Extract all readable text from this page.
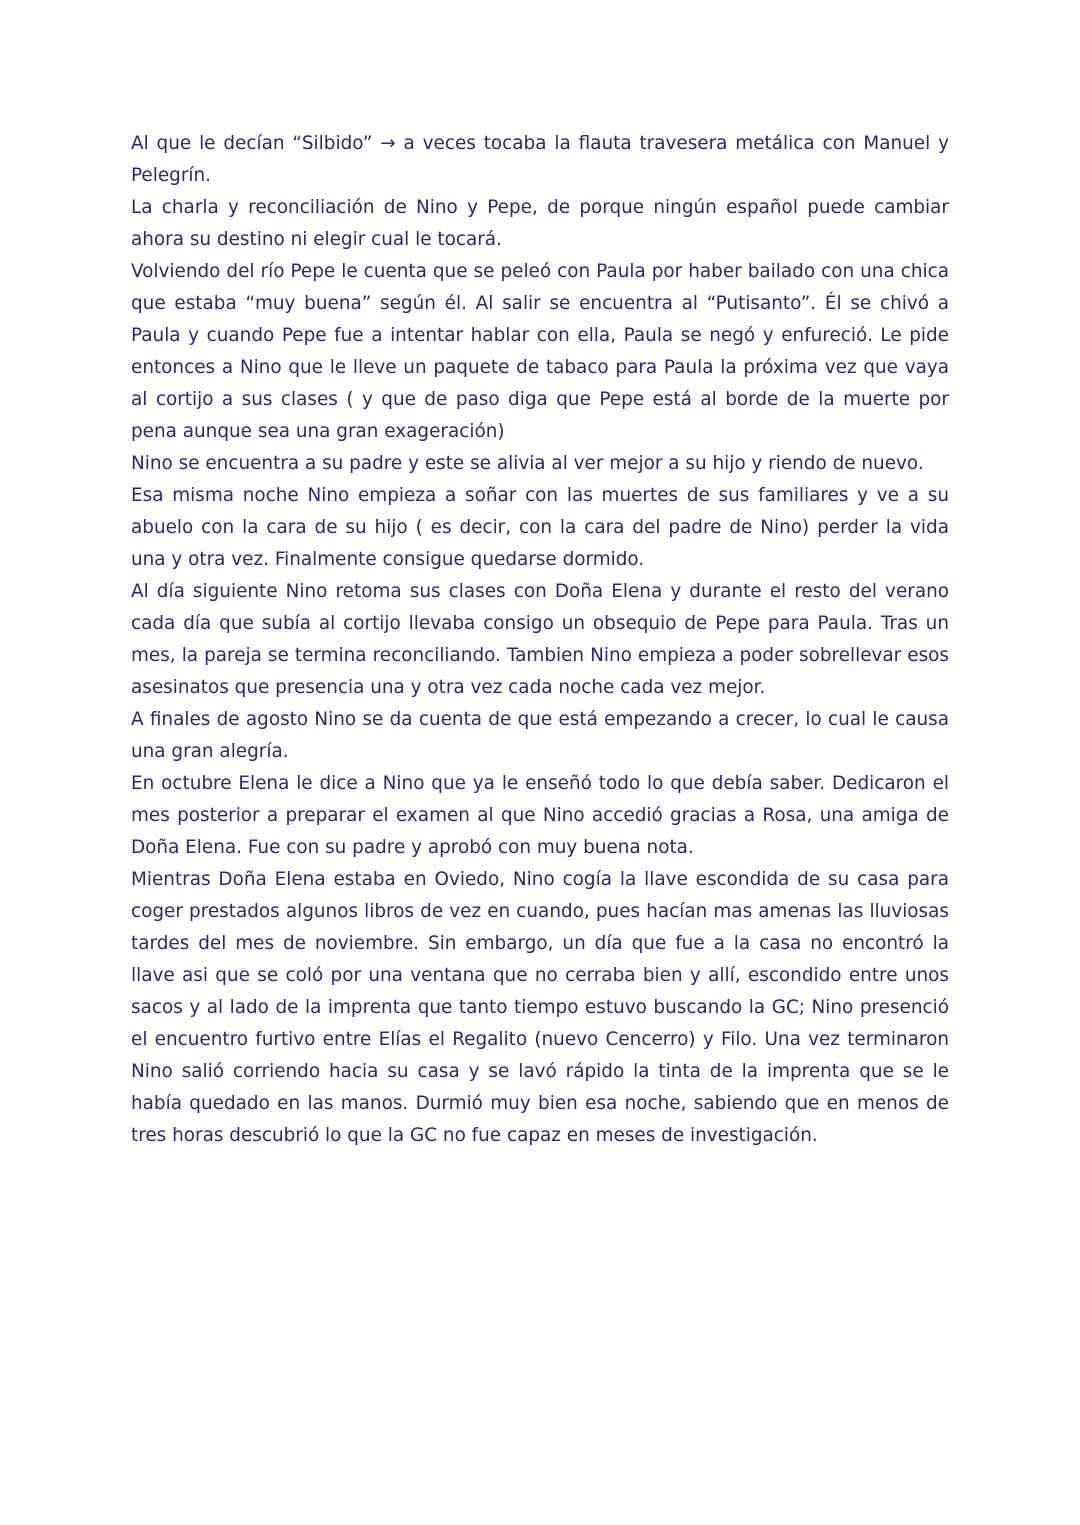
Al que le decían “Silbido” → a veces tocaba la flauta travesera metálica con Manuel y Pelegrín.

La charla y reconciliación de Nino y Pepe, de porque ningún español puede cambiar ahora su destino ni elegir cual le tocará.

Volviendo del río Pepe le cuenta que se peleó con Paula por haber bailado con una chica que estaba “muy buena” según él. Al salir se encuentra al “Putisanto”. Él se chivó a Paula y cuando Pepe fue a intentar hablar con ella, Paula se negó y enfureció. Le pide entonces a Nino que le lleve un paquete de tabaco para Paula la próxima vez que vaya al cortijo a sus clases ( y que de paso diga que Pepe está al borde de la muerte por pena aunque sea una gran exageración)

Nino se encuentra a su padre y este se alivia al ver mejor a su hijo y riendo de nuevo.

Esa misma noche Nino empieza a soñar con las muertes de sus familiares y ve a su abuelo con la cara de su hijo ( es decir, con la cara del padre de Nino) perder la vida una y otra vez. Finalmente consigue quedarse dormido.

Al día siguiente Nino retoma sus clases con Doña Elena y durante el resto del verano cada día que subía al cortijo llevaba consigo un obsequio de Pepe para Paula. Tras un mes, la pareja se termina reconciliando. Tambien Nino empieza a poder sobrellevar esos asesinatos que presencia una y otra vez cada noche cada vez mejor.

A finales de agosto Nino se da cuenta de que está empezando a crecer, lo cual le causa una gran alegría.

En octubre Elena le dice a Nino que ya le enseñó todo lo que debía saber. Dedicaron el mes posterior a preparar el examen al que Nino accedió gracias a Rosa, una amiga de Doña Elena. Fue con su padre y aprobó con muy buena nota.

Mientras Doña Elena estaba en Oviedo, Nino cogía la llave escondida de su casa para coger prestados algunos libros de vez en cuando, pues hacían mas amenas las lluviosas tardes del mes de noviembre. Sin embargo, un día que fue a la casa no encontró la llave asi que se coló por una ventana que no cerraba bien y allí, escondido entre unos sacos y al lado de la imprenta que tanto tiempo estuvo buscando la GC; Nino presenció el encuentro furtivo entre Elías el Regalito (nuevo Cencerro) y Filo. Una vez terminaron Nino salió corriendo hacia su casa y se lavó rápido la tinta de la imprenta que se le había quedado en las manos. Durmió muy bien esa noche, sabiendo que en menos de tres horas descubrió lo que la GC no fue capaz en meses de investigación.
